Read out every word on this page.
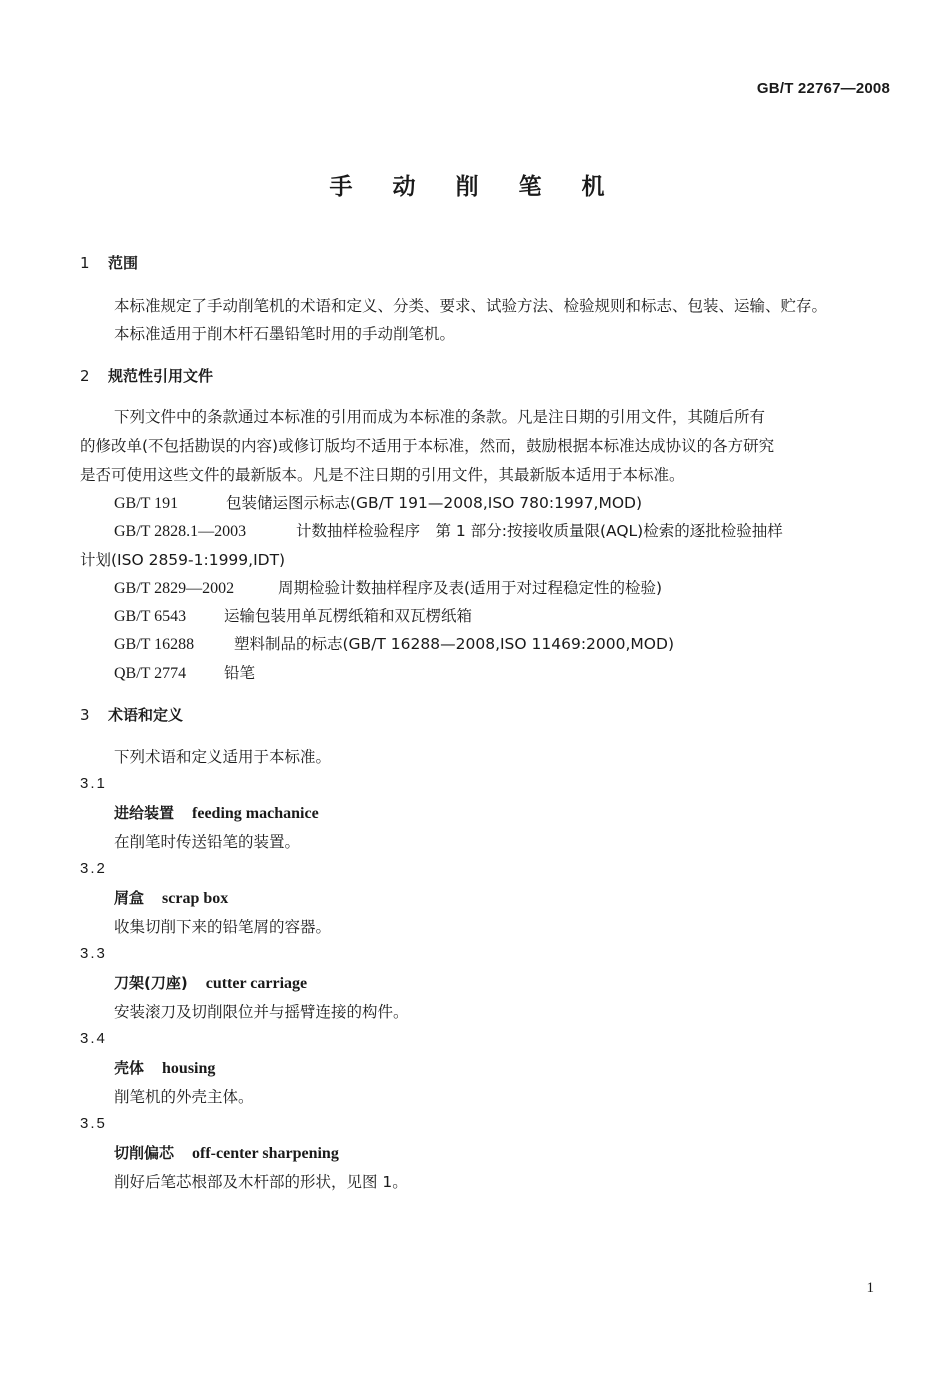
GB/T 22767—2008
手 动 削 笔 机
1 范围
本标准规定了手动削笔机的术语和定义、分类、要求、试验方法、检验规则和标志、包装、运输、贮存。
本标准适用于削木杆石墨铅笔时用的手动削笔机。
2 规范性引用文件
下列文件中的条款通过本标准的引用而成为本标准的条款。凡是注日期的引用文件，其随后所有
的修改单(不包括勘误的内容)或修订版均不适用于本标准，然而，鼓励根据本标准达成协议的各方研究
是否可使用这些文件的最新版本。凡是不注日期的引用文件，其最新版本适用于本标准。
GB/T 191	包装储运图示标志(GB/T 191—2008,ISO 780:1997,MOD)
GB/T 2828.1—2003	计数抽样检验程序　第 1 部分:按接收质量限(AQL)检索的逐批检验抽样
计划(ISO 2859-1:1999,IDT)
GB/T 2829—2002	周期检验计数抽样程序及表(适用于对过程稳定性的检验)
GB/T 6543 运输包装用单瓦楞纸箱和双瓦楞纸箱
GB/T 16288	塑料制品的标志(GB/T 16288—2008,ISO 11469:2000,MOD)
QB/T 2774 铅笔
3 术语和定义
下列术语和定义适用于本标准。
3.1
进给装置 feeding machanice
在削笔时传送铅笔的装置。
3.2
屑盒 scrap box
收集切削下来的铅笔屑的容器。
3.3
刀架(刀座) cutter carriage
安装滚刀及切削限位并与摇臂连接的构件。
3.4
壳体 housing
削笔机的外壳主体。
3.5
切削偏芯 off-center sharpening
削好后笔芯根部及木杆部的形状，见图 1。
1
